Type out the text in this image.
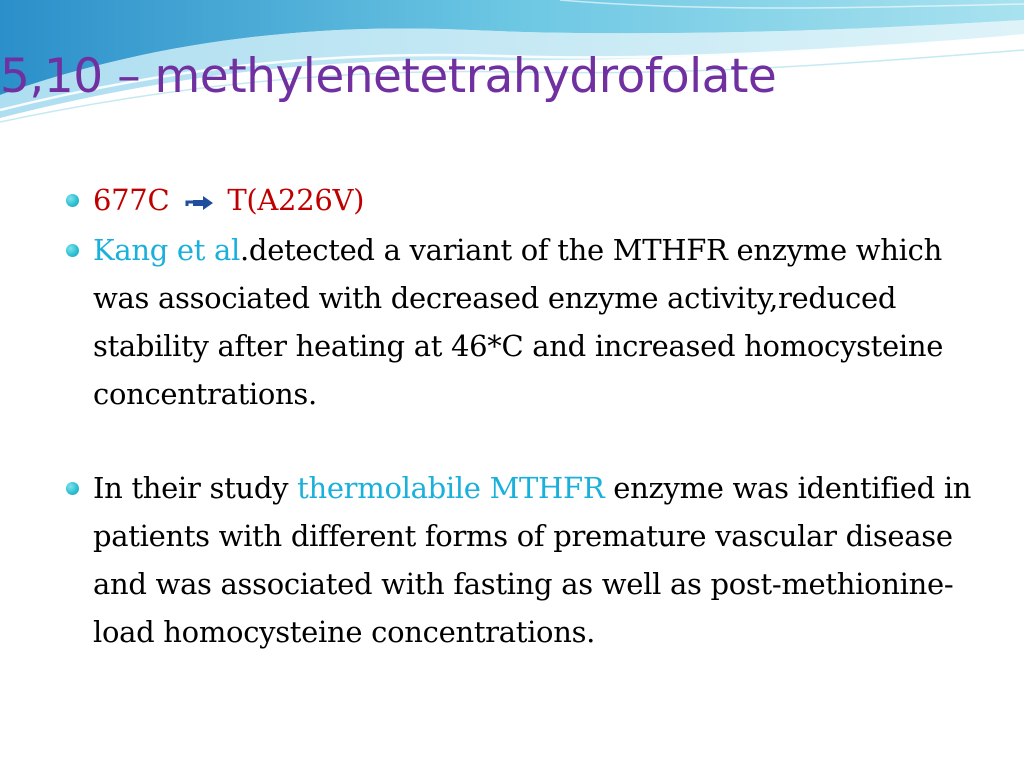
5,10 – methylenetetrahydrofolate
677C T(A226V)
Kang et al.detected a variant of the MTHFR enzyme which was associated with decreased enzyme activity,reduced stability after heating at 46*C and increased homocysteine concentrations.
In their study thermolabile MTHFR enzyme was identified in patients with different forms of premature vascular disease and was associated with fasting as well as post-methionine- load homocysteine concentrations.
